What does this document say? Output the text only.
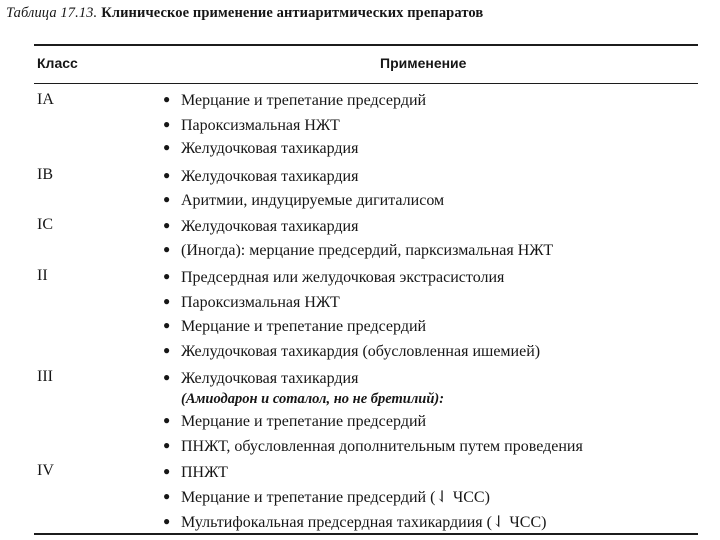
Таблица 17.13. Клиническое применение антиаритмических препаратов
Класс	Применение
IA	● Мерцание и трепетание предсердий
● Пароксизмальная НЖТ
● Желудочковая тахикардия
IB	● Желудочковая тахикардия
● Аритмии, индуцируемые дигиталисом
IC	● Желудочковая тахикардия
● (Иногда): мерцание предсердий, парксизмальная НЖТ
II	● Предсердная или желудочковая экстрасистолия
● Пароксизмальная НЖТ
● Мерцание и трепетание предсердий
● Желудочковая тахикардия (обусловленная ишемией)
III	● Желудочковая тахикардия
(Амиодарон и соталол, но не бретилий):
● Мерцание и трепетание предсердий
● ПНЖТ, обусловленная дополнительным путем проведения
IV	● ПНЖТ
● Мерцание и трепетание предсердий (⇃ ЧСС)
● Мультифокальная предсердная тахикардиия (⇃ ЧСС)
